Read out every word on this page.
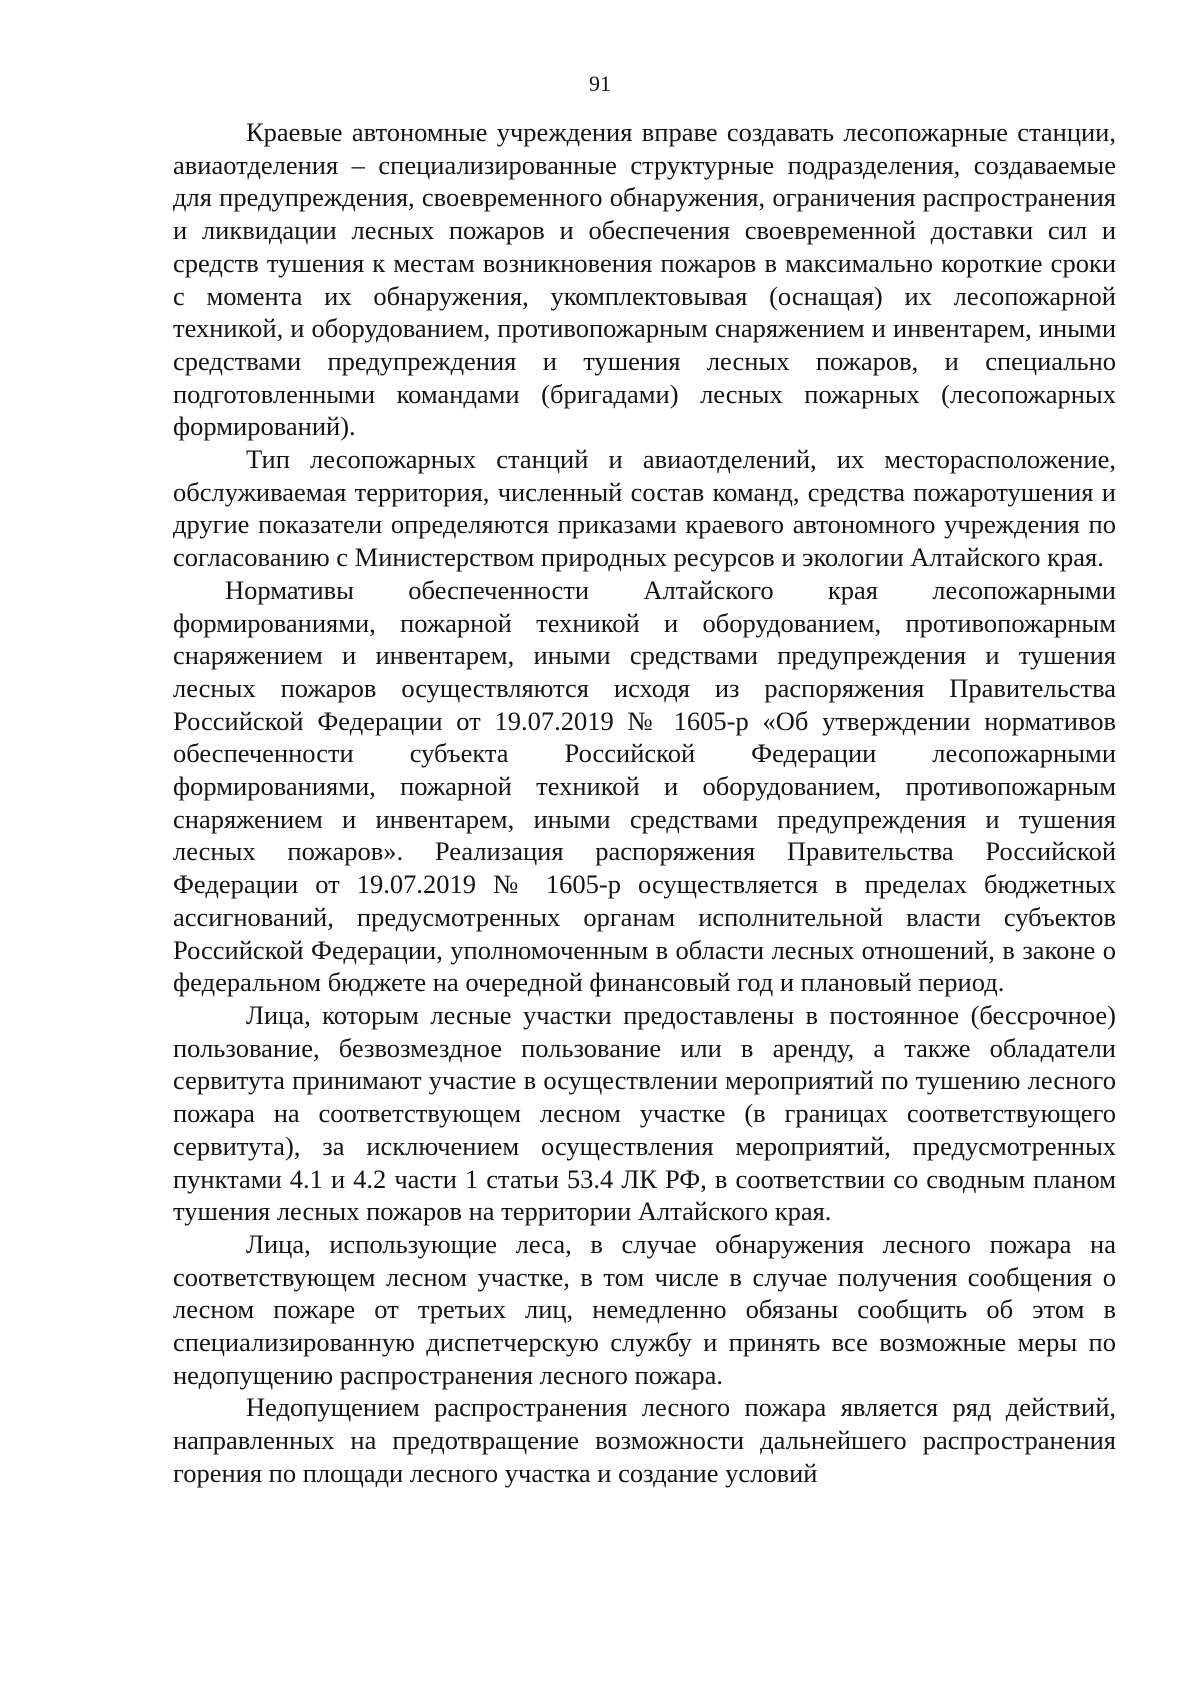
91

Краевые автономные учреждения вправе создавать лесопожарные станции, авиаотделения – специализированные структурные подразделения, создаваемые для предупреждения, своевременного обнаружения, ограничения распространения и ликвидации лесных пожаров и обеспечения своевременной доставки сил и средств тушения к местам возникновения пожаров в максимально короткие сроки с момента их обнаружения, укомплектовывая (оснащая) их лесопожарной техникой, и оборудованием, противопожарным снаряжением и инвентарем, иными средствами предупреждения и тушения лесных пожаров, и специально подготовленными командами (бригадами) лесных пожарных (лесопожарных формирований).

Тип лесопожарных станций и авиаотделений, их месторасположение, обслуживаемая территория, численный состав команд, средства пожаротушения и другие показатели определяются приказами краевого автономного учреждения по согласованию с Министерством природных ресурсов и экологии Алтайского края.

Нормативы обеспеченности Алтайского края лесопожарными формированиями, пожарной техникой и оборудованием, противопожарным снаряжением и инвентарем, иными средствами предупреждения и тушения лесных пожаров осуществляются исходя из распоряжения Правительства Российской Федерации от 19.07.2019 № 1605-р «Об утверждении нормативов обеспеченности субъекта Российской Федерации лесопожарными формированиями, пожарной техникой и оборудованием, противопожарным снаряжением и инвентарем, иными средствами предупреждения и тушения лесных пожаров». Реализация распоряжения Правительства Российской Федерации от 19.07.2019 № 1605-р осуществляется в пределах бюджетных ассигнований, предусмотренных органам исполнительной власти субъектов Российской Федерации, уполномоченным в области лесных отношений, в законе о федеральном бюджете на очередной финансовый год и плановый период.

Лица, которым лесные участки предоставлены в постоянное (бессрочное) пользование, безвозмездное пользование или в аренду, а также обладатели сервитута принимают участие в осуществлении мероприятий по тушению лесного пожара на соответствующем лесном участке (в границах соответствующего сервитута), за исключением осуществления мероприятий, предусмотренных пунктами 4.1 и 4.2 части 1 статьи 53.4 ЛК РФ, в соответствии со сводным планом тушения лесных пожаров на территории Алтайского края.

Лица, использующие леса, в случае обнаружения лесного пожара на соответствующем лесном участке, в том числе в случае получения сообщения о лесном пожаре от третьих лиц, немедленно обязаны сообщить об этом в специализированную диспетчерскую службу и принять все возможные меры по недопущению распространения лесного пожара.

Недопущением распространения лесного пожара является ряд действий, направленных на предотвращение возможности дальнейшего распространения горения по площади лесного участка и создание условий
